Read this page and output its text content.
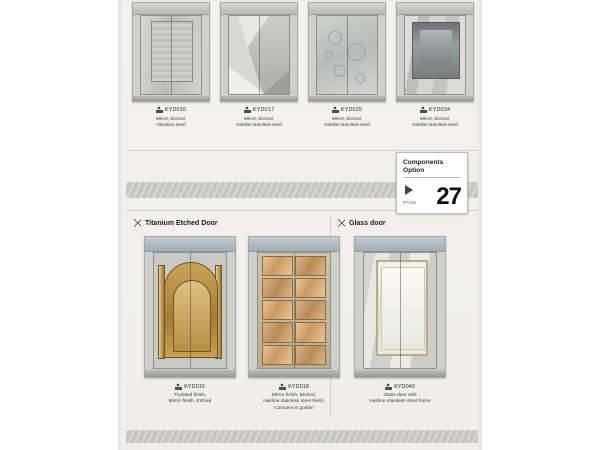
KYD016
Mirror, Etched,
Vibration steel
KYD017
Mirror, Etched,
Hairline stainless steel
KYD025
Mirror, Etched,
Hairline stainless steel
KYD034
Mirror, Etched,
Hairline stainless steel
Components Option
PAGE 27
Titanium Etched Door	Glass door
KYD015
Ti-plated finish,
Mirror finish, Etched
KYD018
Mirror finish, Etched,
Hairline stainless steel finish,
Concave in golden
KYD043
Glass door with
Hairline stainless steel frame
